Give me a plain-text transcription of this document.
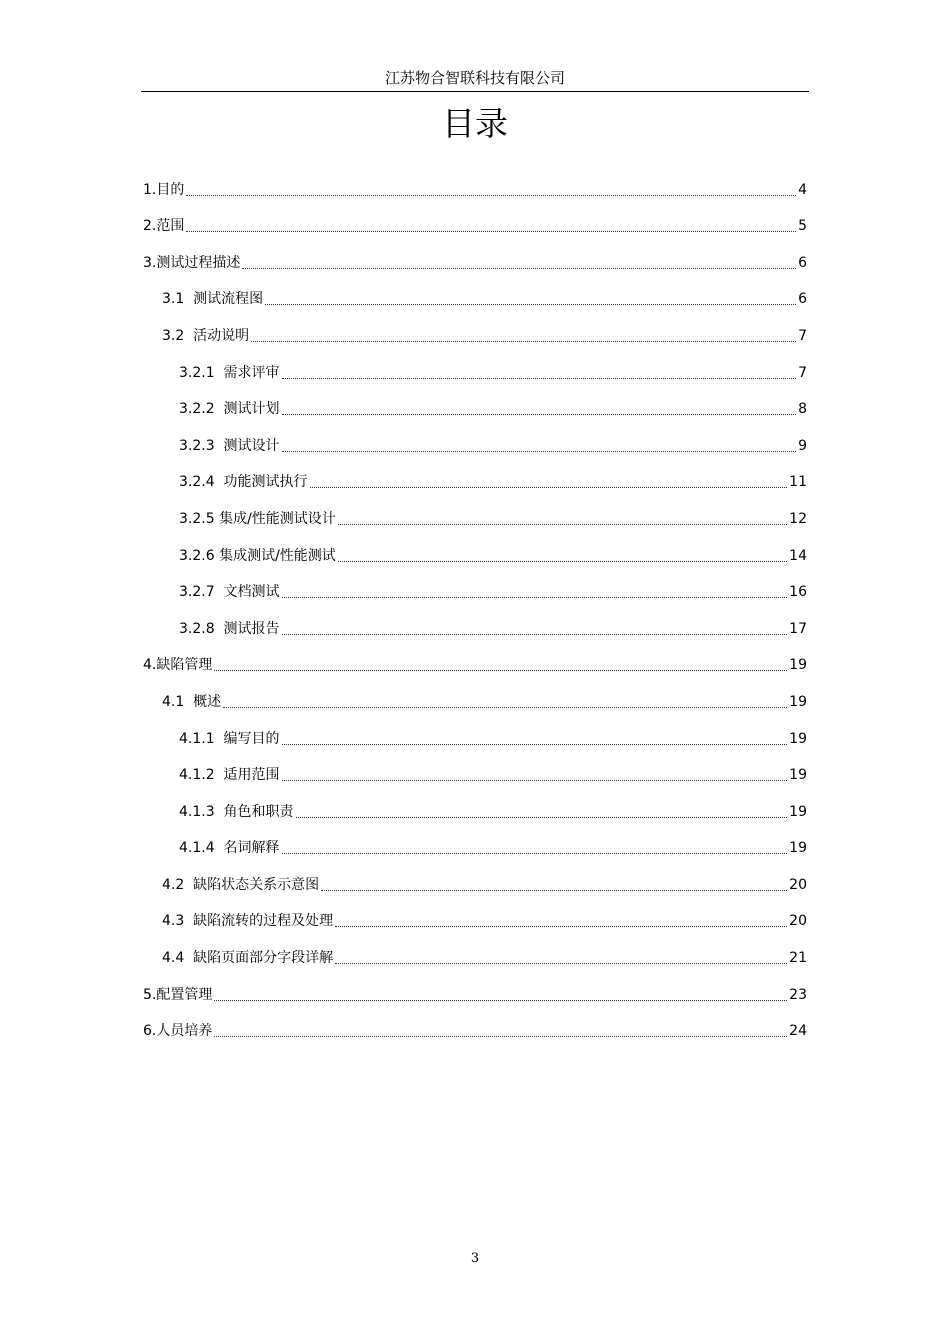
江苏物合智联科技有限公司
目录
1.目的	4
2.范围	5
3.测试过程描述	6
3.1  测试流程图	6
3.2  活动说明	7
3.2.1  需求评审	7
3.2.2  测试计划	8
3.2.3  测试设计	9
3.2.4  功能测试执行	11
3.2.5 集成/性能测试设计	12
3.2.6 集成测试/性能测试	14
3.2.7  文档测试	16
3.2.8  测试报告	17
4.缺陷管理	19
4.1  概述	19
4.1.1  编写目的	19
4.1.2  适用范围	19
4.1.3  角色和职责	19
4.1.4  名词解释	19
4.2  缺陷状态关系示意图	20
4.3  缺陷流转的过程及处理	20
4.4  缺陷页面部分字段详解	21
5.配置管理	23
6.人员培养	24
3
